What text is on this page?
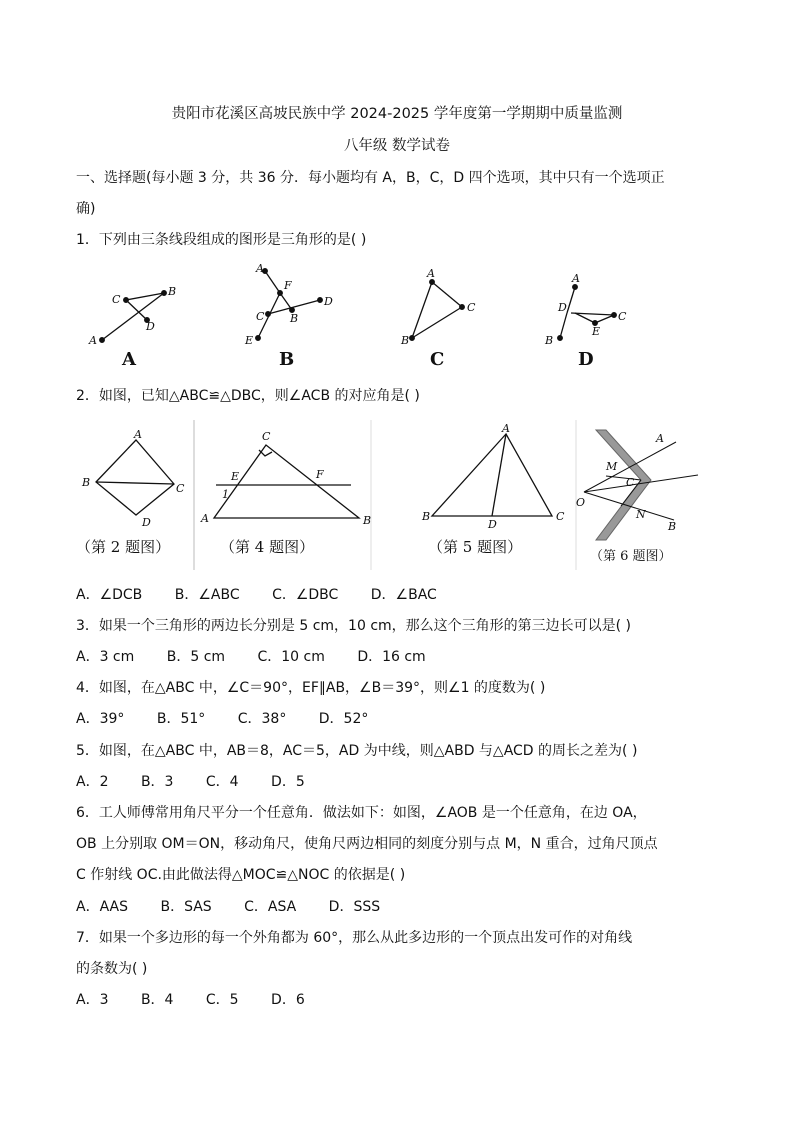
贵阳市花溪区高坡民族中学 2024-2025 学年度第一学期期中质量监测
八年级 数学试卷
一、选择题(每小题 3 分，共 36 分．每小题均有 A，B，C，D 四个选项，其中只有一个选项正
确)
1．下列由三条线段组成的图形是三角形的是( )
C
B
D
A
A
A
F
C B
D
E
B
A
C
B
C
A
D
C
E
B
D
2．如图，已知△ABC≌△DBC，则∠ACB 的对应角是( )
A
B	C
D
（第 2 题图）
C
E	F
A	B
1
（第 4 题图）
A
B	C
D
（第 5 题图）
A
M
C
O
N
B
（第 6 题图）
A．∠DCB B．∠ABC C．∠DBC D．∠BAC
3．如果一个三角形的两边长分别是 5 cm，10 cm，那么这个三角形的第三边长可以是( )
A．3 cm B．5 cm C．10 cm D．16 cm
4．如图，在△ABC 中，∠C＝90°，EF∥AB，∠B＝39°，则∠1 的度数为( )
A．39° B．51° C．38° D．52°
5．如图，在△ABC 中，AB＝8，AC＝5，AD 为中线，则△ABD 与△ACD 的周长之差为( )
A．2 B．3 C．4 D．5
6．工人师傅常用角尺平分一个任意角．做法如下：如图，∠AOB 是一个任意角，在边 OA，
OB 上分别取 OM＝ON，移动角尺，使角尺两边相同的刻度分别与点 M，N 重合，过角尺顶点
C 作射线 OC.由此做法得△MOC≌△NOC 的依据是( )
A．AAS B．SAS C．ASA D．SSS
7．如果一个多边形的每一个外角都为 60°，那么从此多边形的一个顶点出发可作的对角线
的条数为( )
A．3 B．4 C．5 D．6
